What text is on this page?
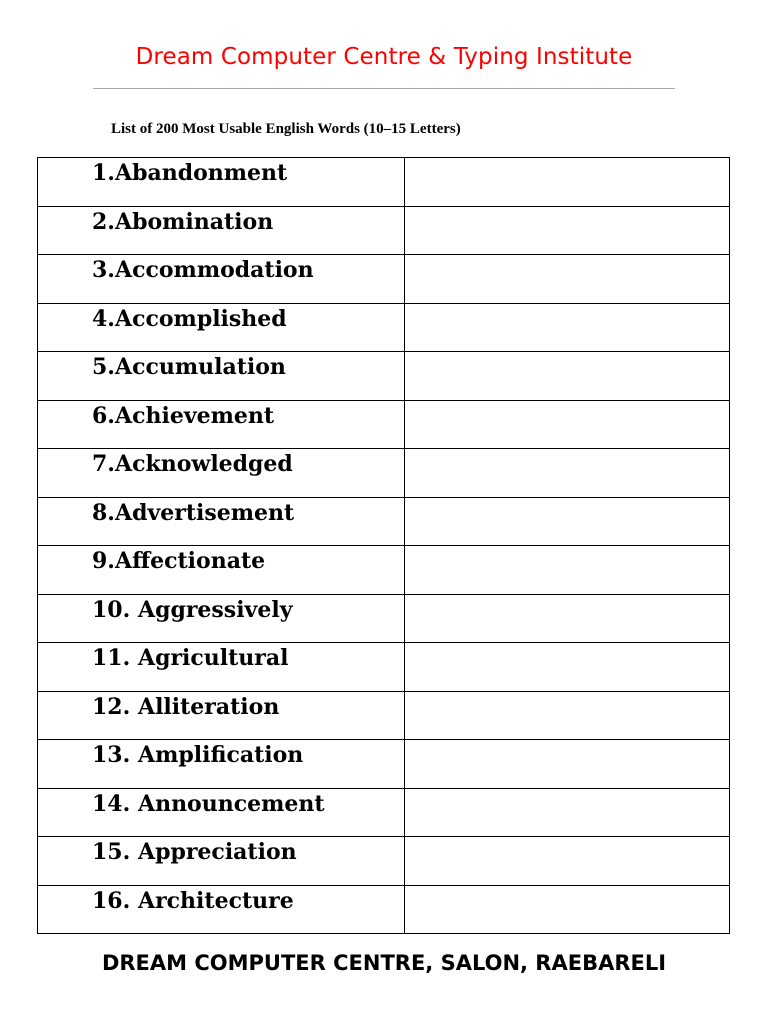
Dream Computer Centre & Typing Institute
List of 200 Most Usable English Words (10–15 Letters)
1. Abandonment	

2. Abomination	

3. Accommodation	

4. Accomplished	

5. Accumulation	

6. Achievement	

7. Acknowledged	

8. Advertisement	

9. Affectionate	

10. Aggressively	

11. Agricultural	

12. Alliteration	

13. Amplification	

14. Announcement	

15. Appreciation	

16. Architecture	

DREAM COMPUTER CENTRE, SALON, RAEBARELI
